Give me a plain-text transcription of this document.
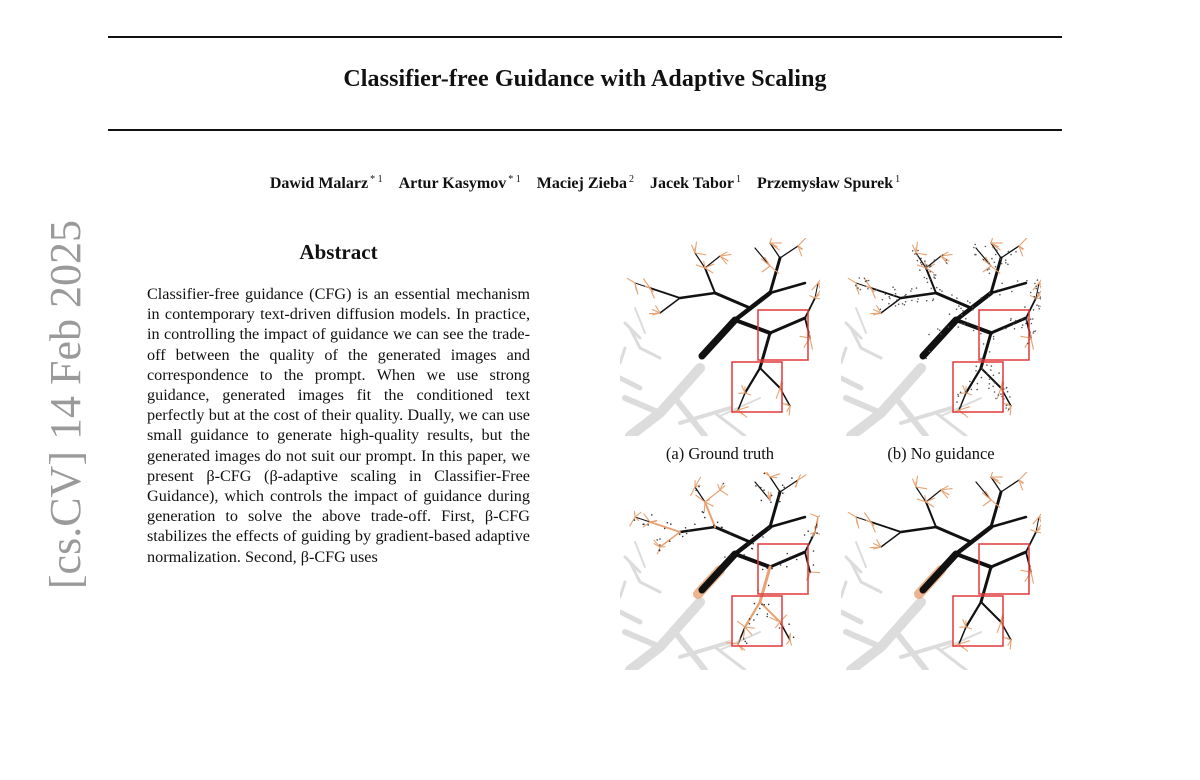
Classifier-free Guidance with Adaptive Scaling
Dawid Malarz $^{* 1}$ Artur Kasymov $^{* 1}$ Maciej Zieba $^2$ Jacek Tabor $^1$ Przemysław Spurek $^1$
[cs.CV] 14 Feb 2025	Abstract
Classifier-free guidance (CFG) is an essential mechanism in contemporary text-driven diffusion models. In practice, in controlling the impact of guidance we can see the trade-off between the quality of the generated images and correspondence to the prompt. When we use strong guidance, generated images fit the conditioned text perfectly but at the cost of their quality. Dually, we can use small guidance to generate high-quality results, but the generated images do not suit our prompt. In this paper, we present β-CFG (β-adaptive scaling in Classifier-Free Guidance), which controls the impact of guidance during generation to solve the above trade-off. First, β-CFG stabilizes the effects of guiding by gradient-based adaptive normalization. Second, β-CFG uses
(a) Ground truth	(b) No guidance
